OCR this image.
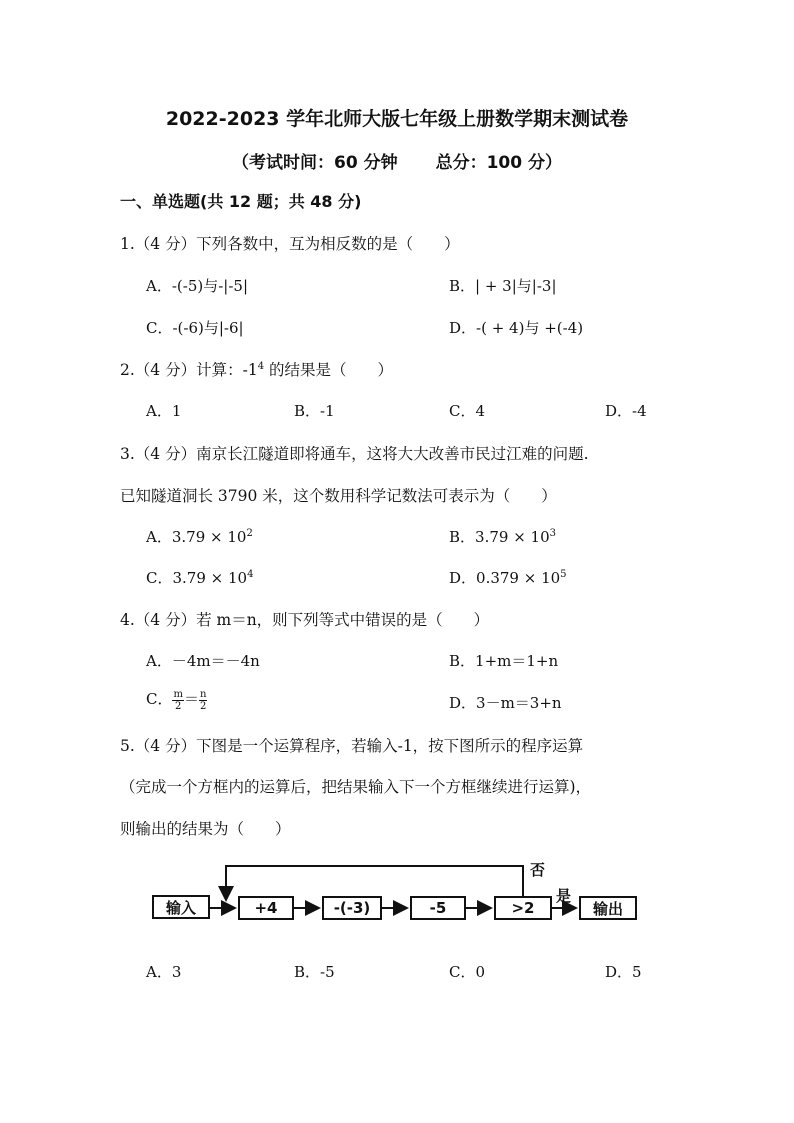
2022-2023 学年北师大版七年级上册数学期末测试卷
（考试时间：60 分钟 总分：100 分）
一、单选题(共 12 题；共 48 分)
1.（4 分）下列各数中，互为相反数的是（　　）
A．-(-5)与-|-5|	B．| + 3|与|-3|
C．-(-6)与|-6|	D．-( + 4)与 +(-4)
2.（4 分）计算：$-1^4$ 的结果是（　　）
A．1	B．-1	C．4	D．-4
3.（4 分）南京长江隧道即将通车，这将大大改善市民过江难的问题.
已知隧道洞长 3790 米，这个数用科学记数法可表示为（　　）
A．$3.79 \times 10^2$	B．$3.79 \times 10^3$
C．$3.79 \times 10^4$	D．$0.379 \times 10^5$
4.（4 分）若 m＝n，则下列等式中错误的是（　　）
A．－4m＝－4n	B．1+m＝1+n
C． $\frac{m}{2} = \frac{n}{2}$	D．3－m＝3+n
5.（4 分）下图是一个运算程序，若输入-1，按下图所示的程序运算
（完成一个方框内的运算后，把结果输入下一个方框继续进行运算)，
则输出的结果为（　　）
输入	+4	-(-3)	-5	>2	输出
否
是
A．3	B．-5	C．0	D．5
